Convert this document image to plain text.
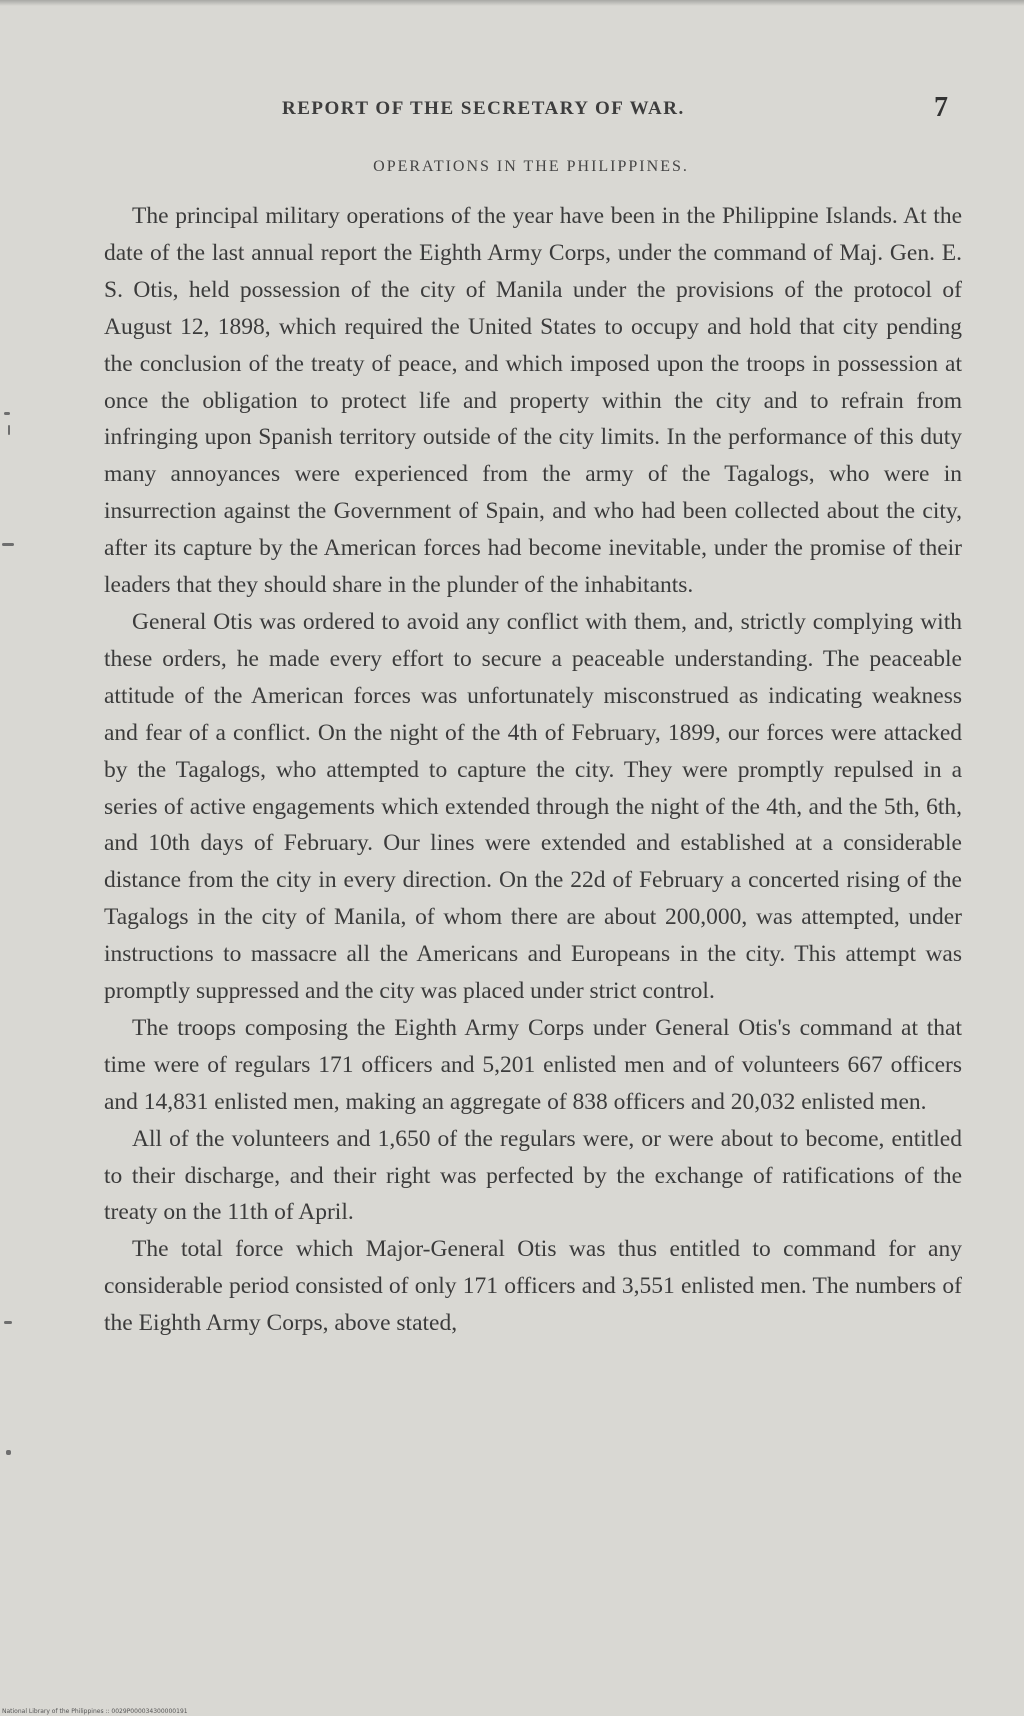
REPORT OF THE SECRETARY OF WAR.	7
OPERATIONS IN THE PHILIPPINES.

The principal military operations of the year have been in the Philippine Islands. At the date of the last annual report the Eighth Army Corps, under the command of Maj. Gen. E. S. Otis, held possession of the city of Manila under the provisions of the protocol of August 12, 1898, which required the United States to occupy and hold that city pending the conclusion of the treaty of peace, and which imposed upon the troops in possession at once the obligation to protect life and property within the city and to refrain from infringing upon Spanish territory outside of the city limits. In the performance of this duty many annoyances were experienced from the army of the Tagalogs, who were in insurrection against the Government of Spain, and who had been collected about the city, after its capture by the American forces had become inevitable, under the promise of their leaders that they should share in the plunder of the inhabitants.

General Otis was ordered to avoid any conflict with them, and, strictly complying with these orders, he made every effort to secure a peaceable understanding. The peaceable attitude of the American forces was unfortunately misconstrued as indicating weakness and fear of a conflict. On the night of the 4th of February, 1899, our forces were attacked by the Tagalogs, who attempted to capture the city. They were promptly repulsed in a series of active engagements which extended through the night of the 4th, and the 5th, 6th, and 10th days of February. Our lines were extended and established at a considerable distance from the city in every direction. On the 22d of February a concerted rising of the Tagalogs in the city of Manila, of whom there are about 200,000, was attempted, under instructions to massacre all the Americans and Europeans in the city. This attempt was promptly suppressed and the city was placed under strict control.

The troops composing the Eighth Army Corps under General Otis's command at that time were of regulars 171 officers and 5,201 enlisted men and of volunteers 667 officers and 14,831 enlisted men, making an aggregate of 838 officers and 20,032 enlisted men.

All of the volunteers and 1,650 of the regulars were, or were about to become, entitled to their discharge, and their right was perfected by the exchange of ratifications of the treaty on the 11th of April.

The total force which Major-General Otis was thus entitled to command for any considerable period consisted of only 171 officers and 3,551 enlisted men. The numbers of the Eighth Army Corps, above stated,

National Library of the Philippines :: 0029P000034300000191
